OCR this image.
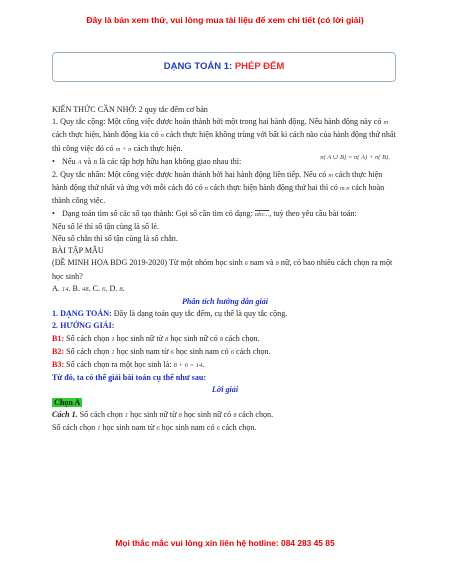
Đây là bản xem thử, vui lòng mua tài liệu để xem chi tiết (có lời giải)
DẠNG TOÁN 1: PHÉP ĐẾM

KIẾN THỨC CẦN NHỚ: 2 quy tắc đếm cơ bản

1. Quy tắc cộng: Một công việc được hoàn thành bởi một trong hai hành động. Nếu hành động này có m cách thực hiện, hành động kia có n cách thực hiện không trùng với bất kì cách nào của hành động thứ nhất thì công việc đó có m + n cách thực hiện.

• Nếu A và B là các tập hợp hữu hạn không giao nhau thì:	n( A ∪ B) = n( A) + n( B).

2. Quy tắc nhân: Một công việc được hoàn thành bởi hai hành động liên tiếp. Nếu có m cách thực hiện hành động thứ nhất và ứng với mỗi cách đó có n cách thực hiện hành động thứ hai thì có m.n cách hoàn thành công việc.

• Dạng toán tìm số các số tạo thành: Gọi số cần tìm có dạng: abc..., tuỳ theo yêu cầu bài toán:

Nếu số lẻ thì số tận cùng là số lẻ.

Nếu số chẵn thì số tận cùng là số chẵn.

BÀI TẬP MẪU

(ĐỀ MINH HỌA BDG 2019-2020) Từ một nhóm học sinh 6 nam và 8 nữ, có bao nhiêu cách chọn ra một học sinh?

A. 14. B. 48. C. 6. D. 8.

Phân tích hướng dẫn giải

1. DẠNG TOÁN: Đây là dạng toán quy tắc đếm, cụ thể là quy tắc cộng.

2. HƯỚNG GIẢI:

B1: Số cách chọn 1 học sinh nữ từ 8 học sinh nữ có 8 cách chọn.

B2: Số cách chọn 1 học sinh nam từ 6 học sinh nam có 6 cách chọn.

B3: Số cách chọn ra một học sinh là: 8 + 6 = 14.

Từ đó, ta có thể giải bài toán cụ thể như sau:

Lời giải

Chọn A

Cách 1. Số cách chọn 1 học sinh nữ từ 8 học sinh nữ có 8 cách chọn.

Số cách chọn 1 học sinh nam từ 6 học sinh nam có 6 cách chọn.

Mọi thắc mắc vui lòng xin liên hệ hotline: 084 283 45 85
